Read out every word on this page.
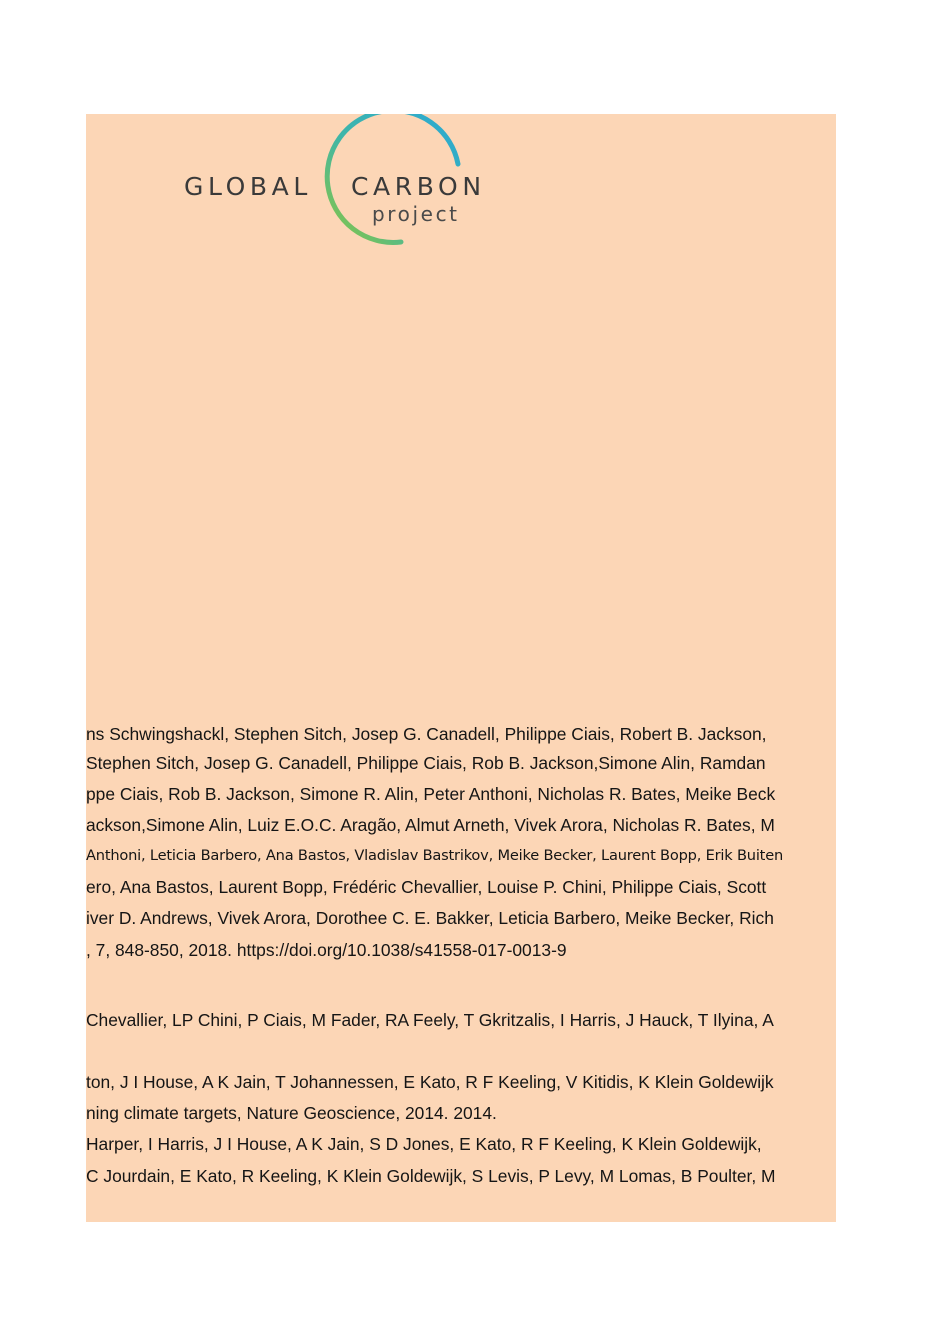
GLOBAL CARBON
project
ns Schwingshackl, Stephen Sitch, Josep G. Canadell, Philippe Ciais, Robert B. Jackson,
Stephen Sitch, Josep G. Canadell, Philippe Ciais, Rob B. Jackson,Simone Alin, Ramdan
ppe Ciais, Rob B. Jackson, Simone R. Alin, Peter Anthoni, Nicholas R. Bates, Meike Beck
ackson,Simone Alin, Luiz E.O.C. Aragão, Almut Arneth, Vivek Arora, Nicholas R. Bates, M
Anthoni, Leticia Barbero, Ana Bastos, Vladislav Bastrikov, Meike Becker, Laurent Bopp, Erik Buiten
ero, Ana Bastos, Laurent Bopp, Frédéric Chevallier, Louise P. Chini, Philippe Ciais, Scott
iver D. Andrews, Vivek Arora, Dorothee C. E. Bakker, Leticia Barbero, Meike Becker, Rich
, 7, 848-850, 2018. https://doi.org/10.1038/s41558-017-0013-9
Chevallier, LP Chini, P Ciais, M Fader, RA Feely, T Gkritzalis, I Harris, J Hauck, T Ilyina, A
ton, J I House, A K Jain, T Johannessen, E Kato, R F Keeling, V Kitidis, K Klein Goldewijk
ning climate targets, Nature Geoscience, 2014. 2014.
Harper, I Harris, J I House, A K Jain, S D Jones, E Kato, R F Keeling, K Klein Goldewijk,
C Jourdain, E Kato, R Keeling, K Klein Goldewijk, S Levis, P Levy, M Lomas, B Poulter, M
